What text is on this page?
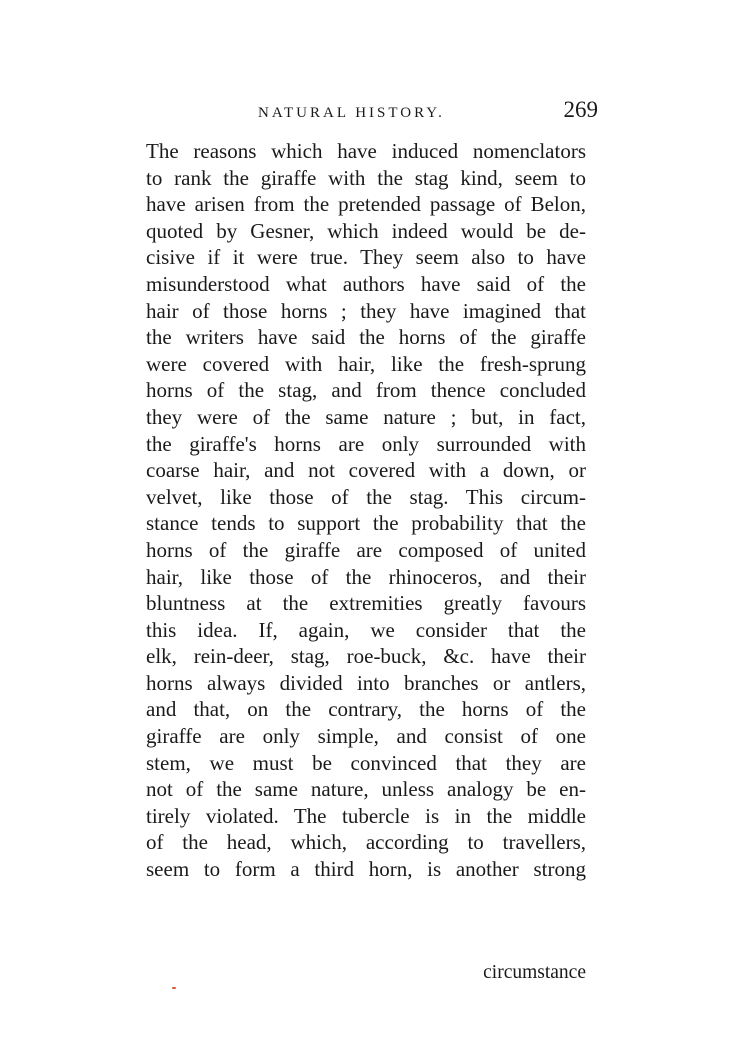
NATURAL HISTORY.	269
The reasons which have induced nomenclators
to rank the giraffe with the stag kind, seem to
have arisen from the pretended passage of Belon,
quoted by Gesner, which indeed would be de-
cisive if it were true. They seem also to have
misunderstood what authors have said of the
hair of those horns ; they have imagined that
the writers have said the horns of the giraffe
were covered with hair, like the fresh-sprung
horns of the stag, and from thence concluded
they were of the same nature ; but, in fact,
the giraffe's horns are only surrounded with
coarse hair, and not covered with a down, or
velvet, like those of the stag. This circum-
stance tends to support the probability that the
horns of the giraffe are composed of united
hair, like those of the rhinoceros, and their
bluntness at the extremities greatly favours
this idea. If, again, we consider that the
elk, rein-deer, stag, roe-buck, &c. have their
horns always divided into branches or antlers,
and that, on the contrary, the horns of the
giraffe are only simple, and consist of one
stem, we must be convinced that they are
not of the same nature, unless analogy be en-
tirely violated. The tubercle is in the middle
of the head, which, according to travellers,
seem to form a third horn, is another strong
circumstance
